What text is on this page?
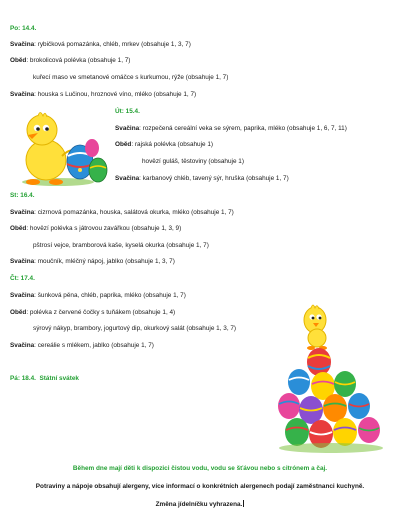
Po: 14.4.
Svačina: rybičková pomazánka, chléb, mrkev (obsahuje 1, 3, 7)
Oběd: brokolicová polévka (obsahuje 1, 7)
kuřecí maso ve smetanové omáčce s kurkumou, rýže (obsahuje 1, 7)
Svačina: houska s Lučinou, hroznové víno, mléko (obsahuje 1, 7)
Út: 15.4.
Svačina: rozpečená cereální veka se sýrem, paprika, mléko (obsahuje 1, 6, 7, 11)
Oběd: rajská polévka (obsahuje 1)
hovězí guláš, těstoviny (obsahuje 1)
Svačina: karbanový chléb, tavený sýr, hruška (obsahuje 1, 7)
St: 16.4.
Svačina: cizrnová pomazánka, houska, salátová okurka, mléko (obsahuje 1, 7)
Oběd: hovězí polévka s játrovou zavářkou (obsahuje 1, 3, 9)
pštrosí vejce, bramborová kaše, kyselá okurka (obsahuje 1, 7)
Svačina: moučník, mléčný nápoj, jablko (obsahuje 1, 3, 7)
Čt: 17.4.
Svačina: šunková pěna, chléb, paprika, mléko (obsahuje 1, 7)
Oběd: polévka z červené čočky s tuňákem (obsahuje 1, 4)
sýrový nákyp, brambory, jogurtový dip, okurkový salát (obsahuje 1, 3, 7)
Svačina: cereálie s mlékem, jablko (obsahuje 1, 7)
Pá: 18.4. Státní svátek
Během dne mají děti k dispozici čistou vodu, vodu se šťávou nebo s citrónem a čaj.
Potraviny a nápoje obsahují alergeny, více informací o konkrétních alergenech podají zaměstnanci kuchyně.
Změna jídelníčku vyhrazena.
